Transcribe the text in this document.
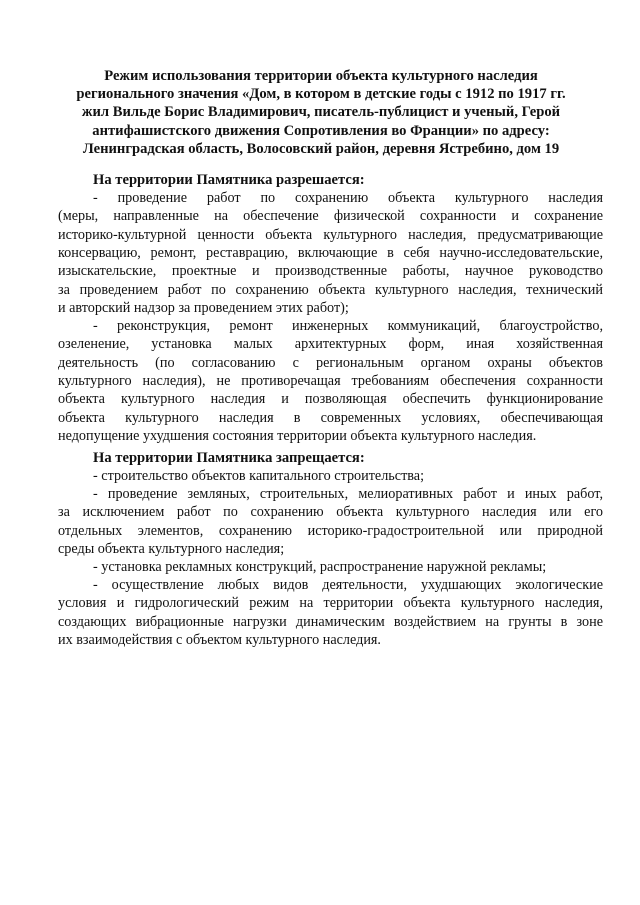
Режим использования территории объекта культурного наследия
регионального значения «Дом, в котором в детские годы с 1912 по 1917 гг.
жил Вильде Борис Владимирович, писатель-публицист и ученый, Герой
антифашистского движения Сопротивления во Франции» по адресу:
Ленинградская область, Волосовский район, деревня Ястребино, дом 19
На территории Памятника разрешается:
- проведение работ по сохранению объекта культурного наследия
(меры, направленные на обеспечение физической сохранности и сохранение
историко-культурной ценности объекта культурного наследия, предусматривающие
консервацию, ремонт, реставрацию, включающие в себя научно-исследовательские,
изыскательские, проектные и производственные работы, научное руководство
за проведением работ по сохранению объекта культурного наследия, технический
и авторский надзор за проведением этих работ);
- реконструкция, ремонт инженерных коммуникаций, благоустройство,
озеленение, установка малых архитектурных форм, иная хозяйственная
деятельность (по согласованию с региональным органом охраны объектов
культурного наследия), не противоречащая требованиям обеспечения сохранности
объекта культурного наследия и позволяющая обеспечить функционирование
объекта культурного наследия в современных условиях, обеспечивающая
недопущение ухудшения состояния территории объекта культурного наследия.
На территории Памятника запрещается:
- строительство объектов капитального строительства;
- проведение земляных, строительных, мелиоративных работ и иных работ,
за исключением работ по сохранению объекта культурного наследия или его
отдельных элементов, сохранению историко-градостроительной или природной
среды объекта культурного наследия;
- установка рекламных конструкций, распространение наружной рекламы;
- осуществление любых видов деятельности, ухудшающих экологические
условия и гидрологический режим на территории объекта культурного наследия,
создающих вибрационные нагрузки динамическим воздействием на грунты в зоне
их взаимодействия с объектом культурного наследия.
